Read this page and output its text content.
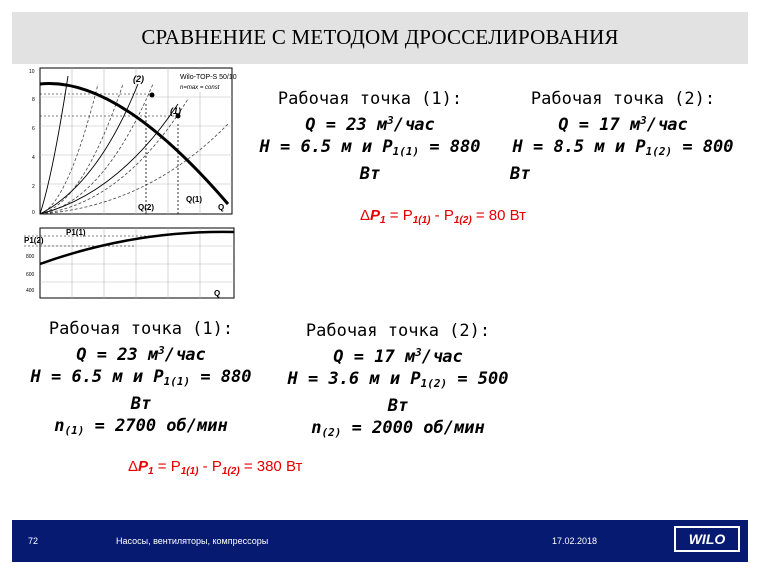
СРАВНЕНИЕ С МЕТОДОМ ДРОССЕЛИРОВАНИЯ
Wilo-TOP-S 50/10
n=max = const
(2)
(1)
Q(2)
Q(1)
Q
10
8
6
4
2
0
P1(1)
P1(2)
Q
800
600
400
Рабочая точка (1):
Q = 23 $м^3$/час
H = 6.5 м и $P_{1(1)} = 880$
Вт
Рабочая точка (2):
Q = 17 $м^3$/час
H = 8.5 м и $P_{1(2)} = 800$
Вт
$\Delta P_1 = P_{1(1)} - P_{1(2)} = 80$ Вт
Рабочая точка (1):
Q = 23 $м^3$/час
H = 6.5 м и $P_{1(1)} = 880$
Вт
$n_{(1)} = 2700$ об/мин
Рабочая точка (2):
Q = 17 $м^3$/час
H = 3.6 м и $P_{1(2)} = 500$
Вт
$n_{(2)} = 2000$ об/мин
$\Delta P_1 = P_{1(1)} - P_{1(2)} = 380$ Вт
72	Насосы, вентиляторы, компрессоры	17.02.2018	WILO
